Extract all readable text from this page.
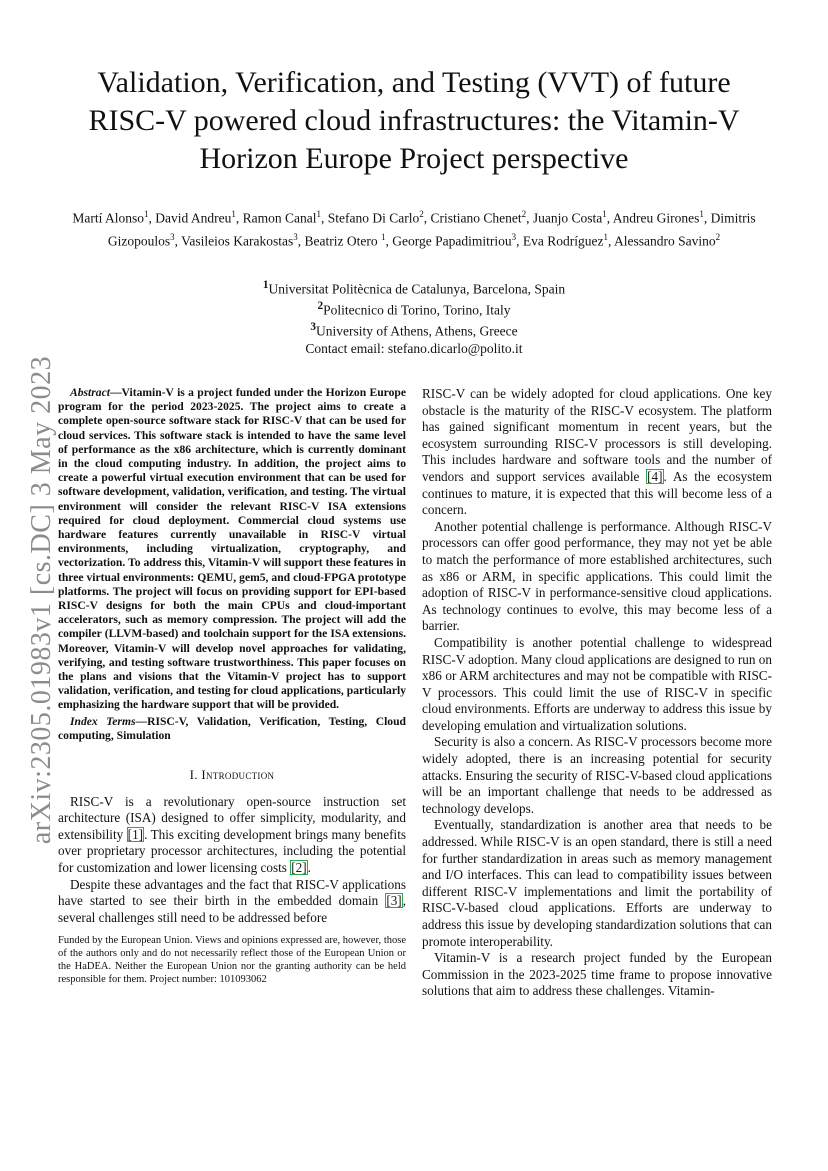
arXiv:2305.01983v1 [cs.DC] 3 May 2023
Validation, Verification, and Testing (VVT) of future RISC-V powered cloud infrastructures: the Vitamin-V Horizon Europe Project perspective

Martí Alonso$^1$, David Andreu$^1$, Ramon Canal$^1$, Stefano Di Carlo$^2$, Cristiano Chenet$^2$, Juanjo Costa$^1$, Andreu Girones$^1$, Dimitris Gizopoulos$^3$, Vasileios Karakostas$^3$, Beatriz Otero $^1$, George Papadimitriou$^3$, Eva Rodríguez$^1$, Alessandro Savino$^2$

$^1$Universitat Politècnica de Catalunya, Barcelona, Spain
$^2$Politecnico di Torino, Torino, Italy
$^3$University of Athens, Athens, Greece
Contact email: stefano.dicarlo@polito.it

Abstract—Vitamin-V is a project funded under the Horizon Europe program for the period 2023-2025. The project aims to create a complete open-source software stack for RISC-V that can be used for cloud services. This software stack is intended to have the same level of performance as the x86 architecture, which is currently dominant in the cloud computing industry. In addition, the project aims to create a powerful virtual execution environment that can be used for software development, validation, verification, and testing. The virtual environment will consider the relevant RISC-V ISA extensions required for cloud deployment. Commercial cloud systems use hardware features currently unavailable in RISC-V virtual environments, including virtualization, cryptography, and vectorization. To address this, Vitamin-V will support these features in three virtual environments: QEMU, gem5, and cloud-FPGA prototype platforms. The project will focus on providing support for EPI-based RISC-V designs for both the main CPUs and cloud-important accelerators, such as memory compression. The project will add the compiler (LLVM-based) and toolchain support for the ISA extensions. Moreover, Vitamin-V will develop novel approaches for validating, verifying, and testing software trustworthiness. This paper focuses on the plans and visions that the Vitamin-V project has to support validation, verification, and testing for cloud applications, particularly emphasizing the hardware support that will be provided.

Index Terms—RISC-V, Validation, Verification, Testing, Cloud computing, Simulation

I. Introduction

RISC-V is a revolutionary open-source instruction set architecture (ISA) designed to offer simplicity, modularity, and extensibility [1]. This exciting development brings many benefits over proprietary processor architectures, including the potential for customization and lower licensing costs [2].

Despite these advantages and the fact that RISC-V applications have started to see their birth in the embedded domain [3], several challenges still need to be addressed before

Funded by the European Union. Views and opinions expressed are, however, those of the authors only and do not necessarily reflect those of the European Union or the HaDEA. Neither the European Union nor the granting authority can be held responsible for them. Project number: 101093062

RISC-V can be widely adopted for cloud applications. One key obstacle is the maturity of the RISC-V ecosystem. The platform has gained significant momentum in recent years, but the ecosystem surrounding RISC-V processors is still developing. This includes hardware and software tools and the number of vendors and support services available [4]. As the ecosystem continues to mature, it is expected that this will become less of a concern.

Another potential challenge is performance. Although RISC-V processors can offer good performance, they may not yet be able to match the performance of more established architectures, such as x86 or ARM, in specific applications. This could limit the adoption of RISC-V in performance-sensitive cloud applications. As technology continues to evolve, this may become less of a barrier.

Compatibility is another potential challenge to widespread RISC-V adoption. Many cloud applications are designed to run on x86 or ARM architectures and may not be compatible with RISC-V processors. This could limit the use of RISC-V in specific cloud environments. Efforts are underway to address this issue by developing emulation and virtualization solutions.

Security is also a concern. As RISC-V processors become more widely adopted, there is an increasing potential for security attacks. Ensuring the security of RISC-V-based cloud applications will be an important challenge that needs to be addressed as technology develops.

Eventually, standardization is another area that needs to be addressed. While RISC-V is an open standard, there is still a need for further standardization in areas such as memory management and I/O interfaces. This can lead to compatibility issues between different RISC-V implementations and limit the portability of RISC-V-based cloud applications. Efforts are underway to address this issue by developing standardization solutions that can promote interoperability.

Vitamin-V is a research project funded by the European Commission in the 2023-2025 time frame to propose innovative solutions that aim to address these challenges. Vitamin-
